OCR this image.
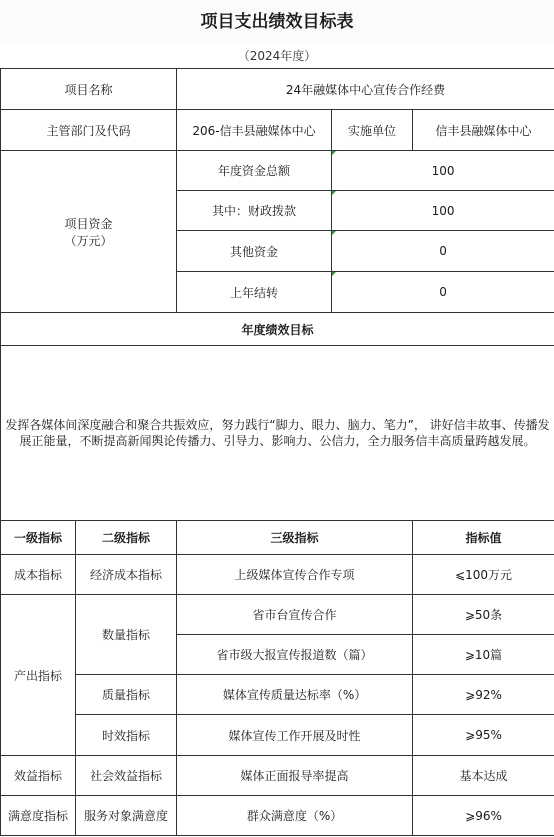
项目支出绩效目标表
（2024年度）
项目名称		24年融媒体中心宣传合作经费		
主管部门及代码		206-信丰县融媒体中心	实施单位	信丰县融媒体中心

项目资金
（万元）		年度资金总额	100	
		其中：财政拨款	100	
		其他资金	0	
		上年结转	0	
年度绩效目标				
发挥各媒体间深度融合和聚合共振效应，努力践行“脚力、眼力、脑力、笔力”， 讲好信丰故事、传播发展正能量，不断提高新闻舆论传播力、引导力、影响力、公信力，全力服务信丰高质量跨越发展。				
一级指标	二级指标	三级指标		指标值
成本指标	经济成本指标	上级媒体宣传合作专项		⩽100万元
产出指标	数量指标	省市台宣传合作		⩾50条
		省市级大报宣传报道数（篇）		⩾10篇
	质量指标	媒体宣传质量达标率（%）		⩾92%
	时效指标	媒体宣传工作开展及时性		⩾95%
效益指标	社会效益指标	媒体正面报导率提高		基本达成
满意度指标	服务对象满意度	群众满意度（%）		⩾96%
